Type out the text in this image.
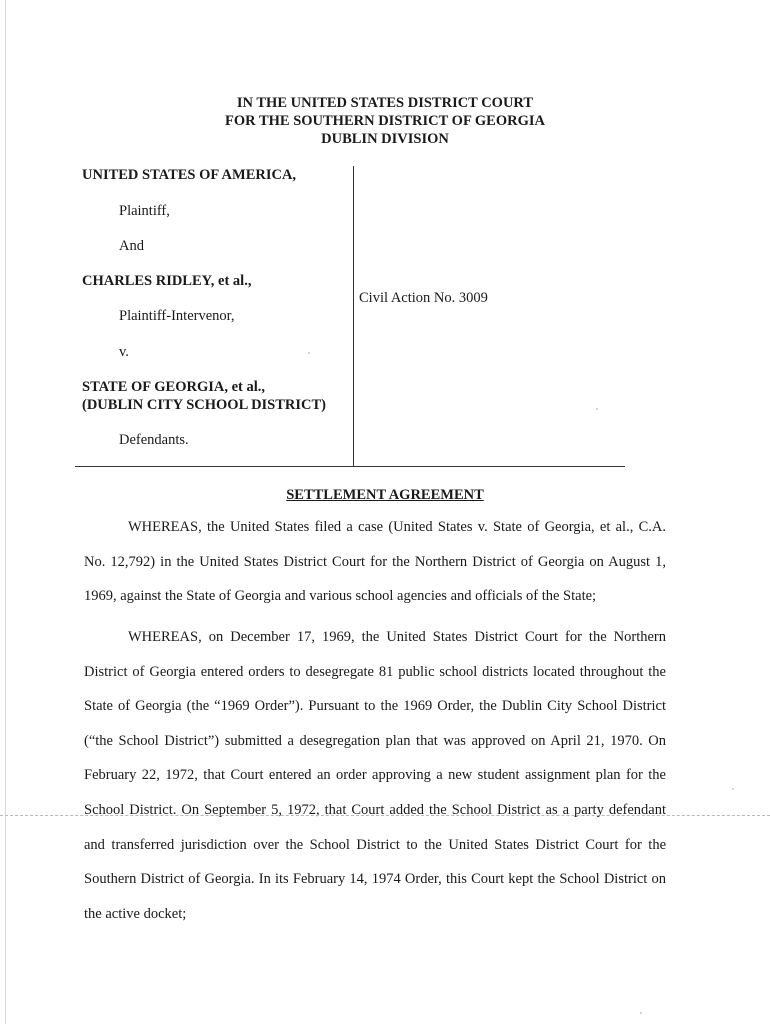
IN THE UNITED STATES DISTRICT COURT
FOR THE SOUTHERN DISTRICT OF GEORGIA
DUBLIN DIVISION
UNITED STATES OF AMERICA,
Plaintiff,
And
CHARLES RIDLEY, et al.,
Plaintiff-Intervenor,
v.
STATE OF GEORGIA, et al.,
(DUBLIN CITY SCHOOL DISTRICT)
Defendants.
Civil Action No. 3009
SETTLEMENT AGREEMENT

WHEREAS, the United States filed a case (United States v. State of Georgia, et al., C.A. No. 12,792) in the United States District Court for the Northern District of Georgia on August 1, 1969, against the State of Georgia and various school agencies and officials of the State;

WHEREAS, on December 17, 1969, the United States District Court for the Northern District of Georgia entered orders to desegregate 81 public school districts located throughout the State of Georgia (the “1969 Order”). Pursuant to the 1969 Order, the Dublin City School District (“the School District”) submitted a desegregation plan that was approved on April 21, 1970. On February 22, 1972, that Court entered an order approving a new student assignment plan for the School District. On September 5, 1972, that Court added the School District as a party defendant and transferred jurisdiction over the School District to the United States District Court for the Southern District of Georgia. In its February 14, 1974 Order, this Court kept the School District on the active docket;
